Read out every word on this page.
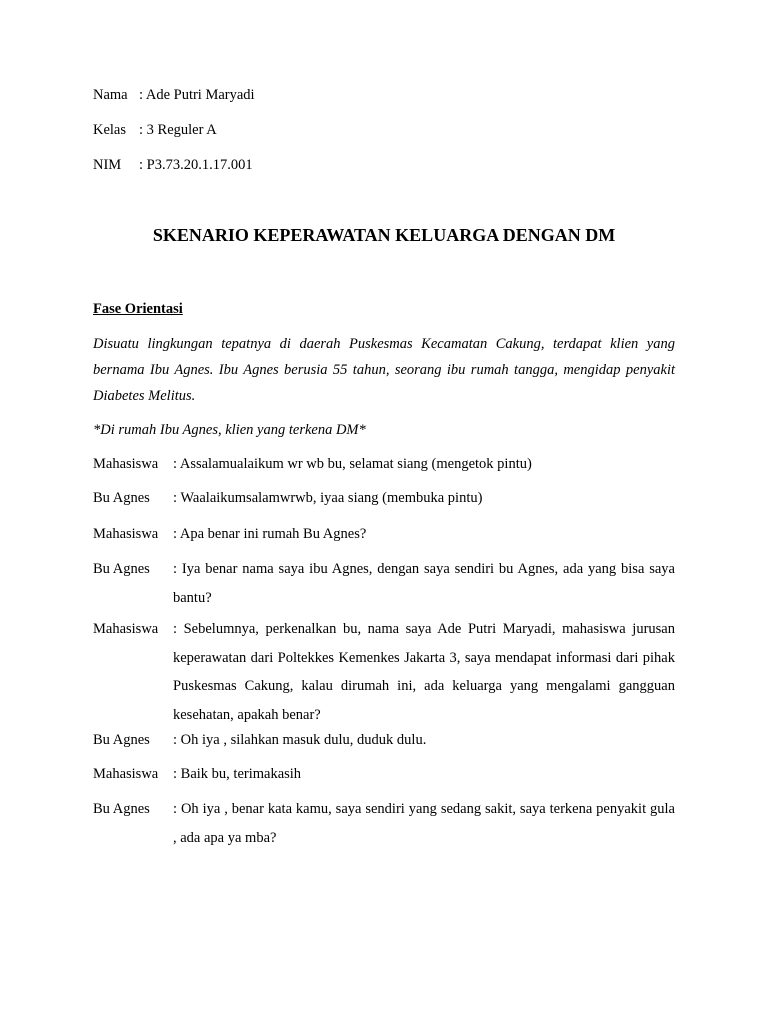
Nama : Ade Putri Maryadi
Kelas : 3 Reguler A
NIM : P3.73.20.1.17.001
SKENARIO KEPERAWATAN KELUARGA DENGAN DM
Fase Orientasi
Disuatu lingkungan tepatnya di daerah Puskesmas Kecamatan Cakung, terdapat klien yang bernama Ibu Agnes. Ibu Agnes berusia 55 tahun, seorang ibu rumah tangga, mengidap penyakit Diabetes Melitus.
*Di rumah Ibu Agnes, klien yang terkena DM*
Mahasiswa : Assalamualaikum wr wb bu, selamat siang (mengetok pintu)
Bu Agnes : Waalaikumsalamwrwb, iyaa siang (membuka pintu)
Mahasiswa : Apa benar ini rumah Bu Agnes?
Bu Agnes : Iya benar nama saya ibu Agnes, dengan saya sendiri bu Agnes, ada yang bisa saya bantu?
Mahasiswa : Sebelumnya, perkenalkan bu, nama saya Ade Putri Maryadi, mahasiswa jurusan keperawatan dari Poltekkes Kemenkes Jakarta 3, saya mendapat informasi dari pihak Puskesmas Cakung, kalau dirumah ini, ada keluarga yang mengalami gangguan kesehatan, apakah benar?
Bu Agnes : Oh iya , silahkan masuk dulu, duduk dulu.
Mahasiswa : Baik bu, terimakasih
Bu Agnes : Oh iya , benar kata kamu, saya sendiri yang sedang sakit, saya terkena penyakit gula , ada apa ya mba?
